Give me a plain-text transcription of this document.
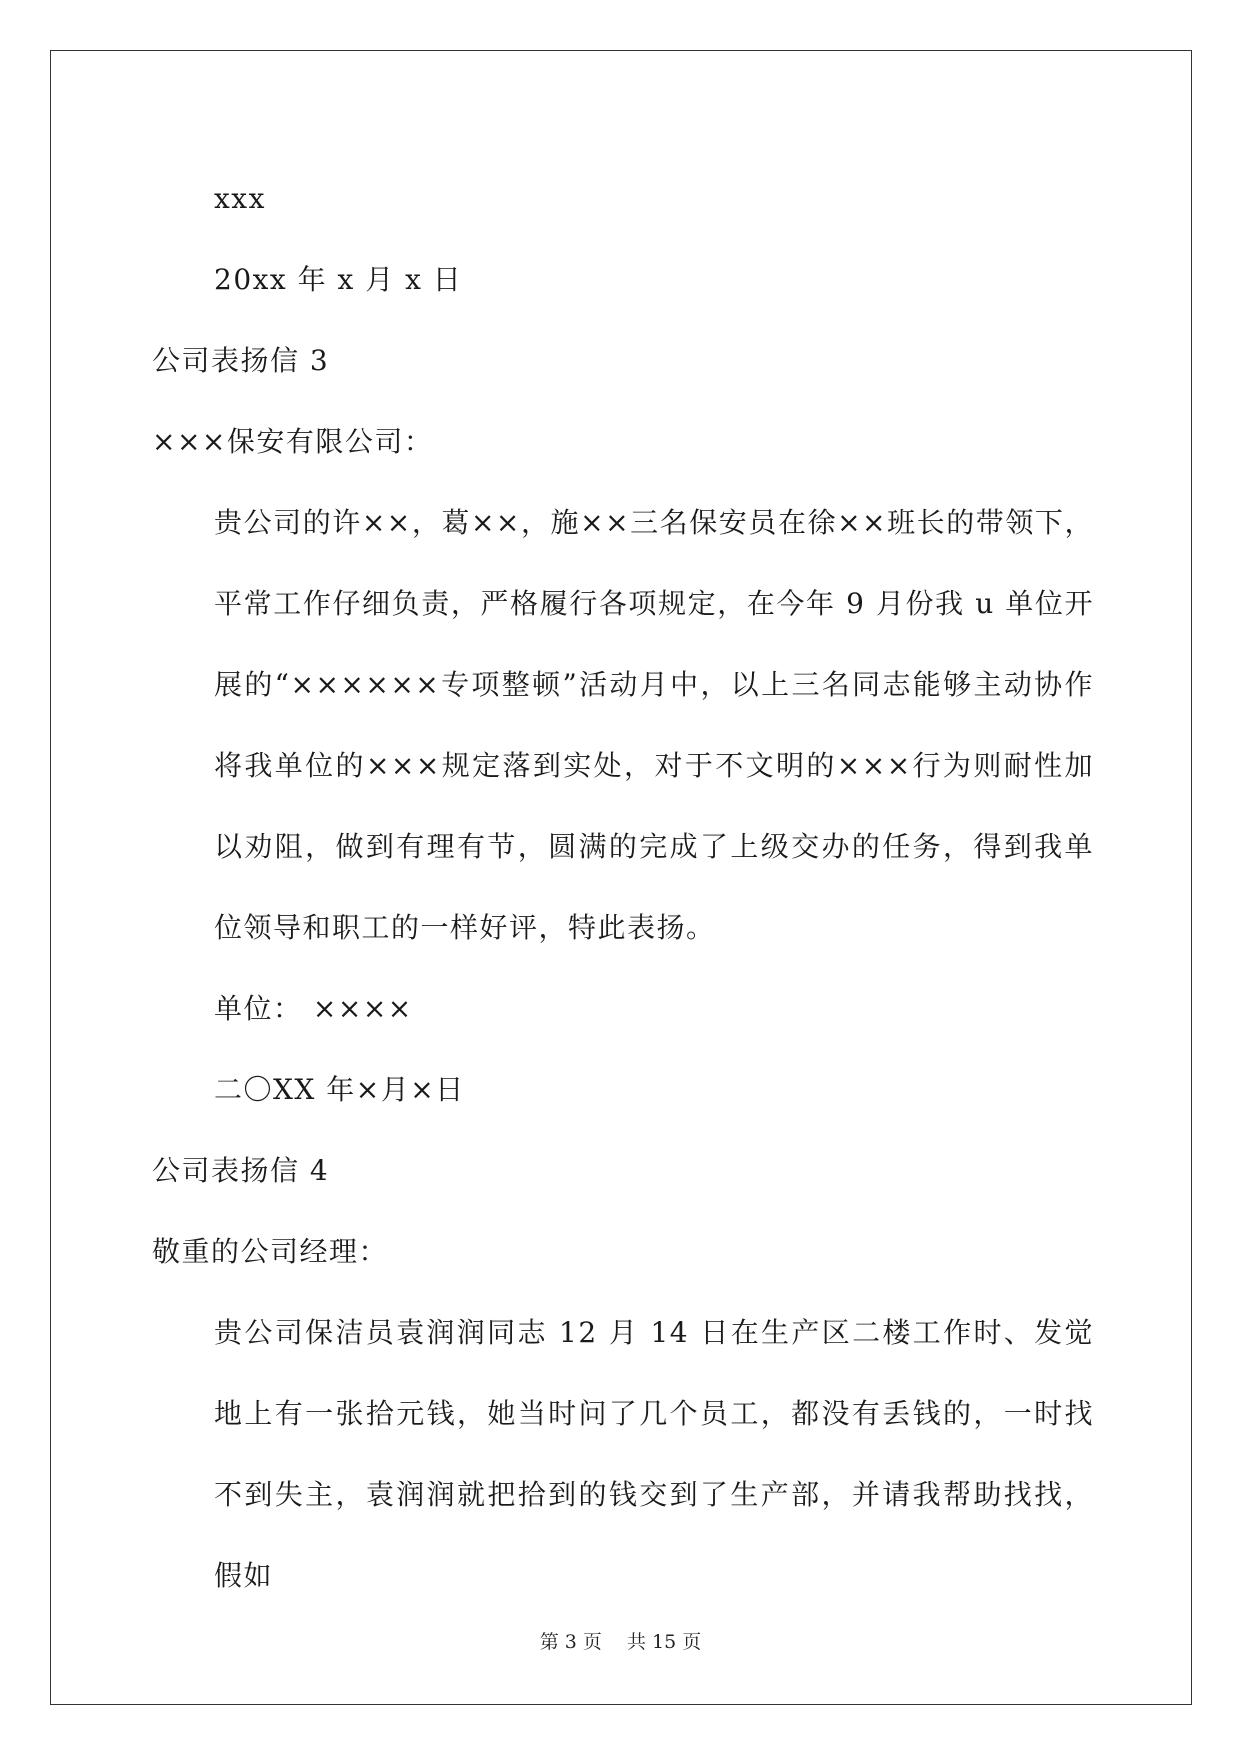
xxx

20xx 年 x 月 x 日

公司表扬信 3

×××保安有限公司：

贵公司的许××，葛××，施××三名保安员在徐××班长的带领下，平常工作仔细负责，严格履行各项规定，在今年 9 月份我 u 单位开展的“××××××专项整顿”活动月中，以上三名同志能够主动协作将我单位的×××规定落到实处，对于不文明的×××行为则耐性加以劝阻，做到有理有节，圆满的完成了上级交办的任务，得到我单位领导和职工的一样好评，特此表扬。

单位： ××××

二〇XX 年×月×日

公司表扬信 4

敬重的公司经理：

贵公司保洁员袁润润同志 12 月 14 日在生产区二楼工作时、发觉地上有一张拾元钱，她当时问了几个员工，都没有丢钱的，一时找不到失主，袁润润就把拾到的钱交到了生产部，并请我帮助找找，假如

第 3 页　 共 15 页
